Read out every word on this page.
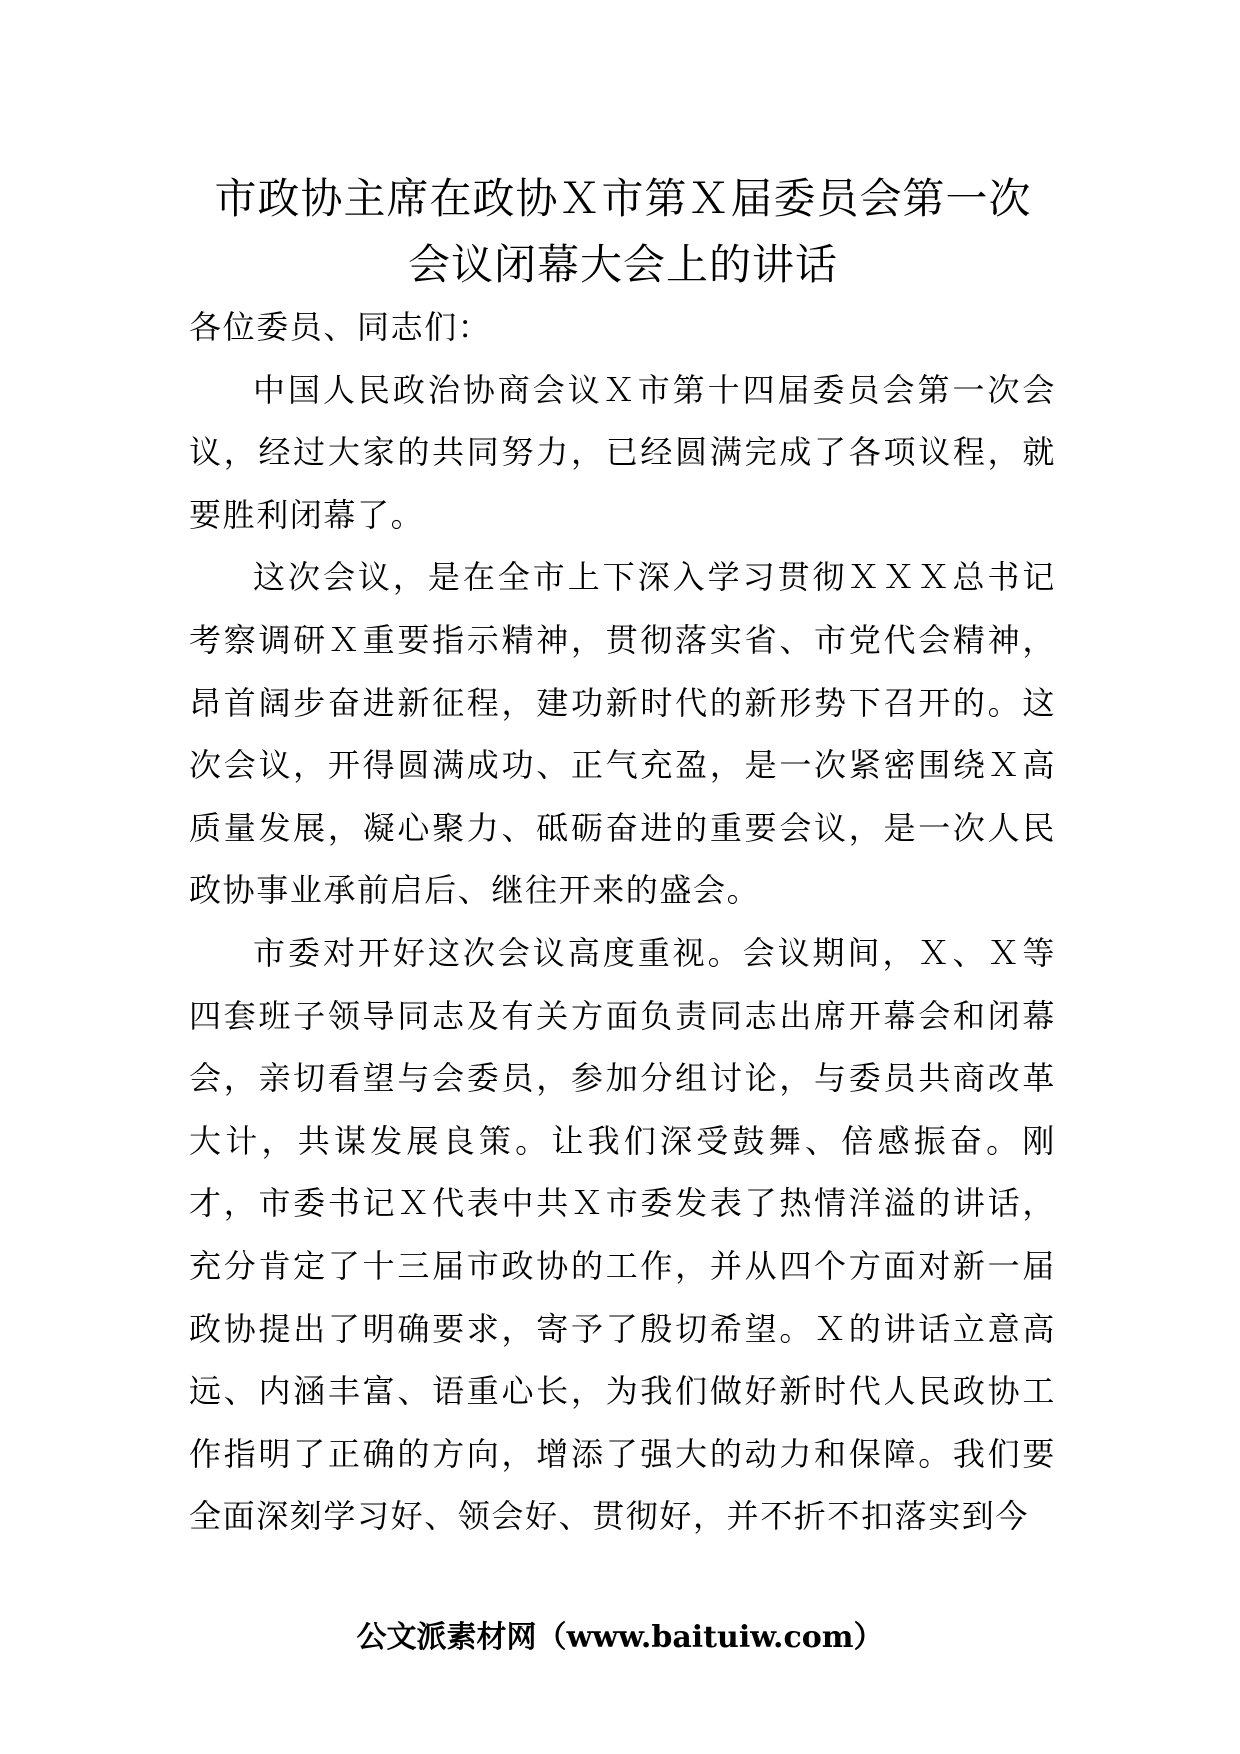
市政协主席在政协Ｘ市第Ｘ届委员会第一次
会议闭幕大会上的讲话

各位委员、同志们：

中国人民政治协商会议Ｘ市第十四届委员会第一次会议，经过大家的共同努力，已经圆满完成了各项议程，就要胜利闭幕了。

这次会议，是在全市上下深入学习贯彻ＸＸＸ总书记考察调研Ｘ重要指示精神，贯彻落实省、市党代会精神，昂首阔步奋进新征程，建功新时代的新形势下召开的。这次会议，开得圆满成功、正气充盈，是一次紧密围绕Ｘ高质量发展，凝心聚力、砥砺奋进的重要会议，是一次人民政协事业承前启后、继往开来的盛会。

市委对开好这次会议高度重视。会议期间，Ｘ、Ｘ等四套班子领导同志及有关方面负责同志出席开幕会和闭幕会，亲切看望与会委员，参加分组讨论，与委员共商改革大计，共谋发展良策。让我们深受鼓舞、倍感振奋。刚才，市委书记Ｘ代表中共Ｘ市委发表了热情洋溢的讲话，充分肯定了十三届市政协的工作，并从四个方面对新一届政协提出了明确要求，寄予了殷切希望。Ｘ的讲话立意高远、内涵丰富、语重心长，为我们做好新时代人民政协工作指明了正确的方向，增添了强大的动力和保障。我们要全面深刻学习好、领会好、贯彻好，并不折不扣落实到今

公文派素材网（www.baituiw.com）
